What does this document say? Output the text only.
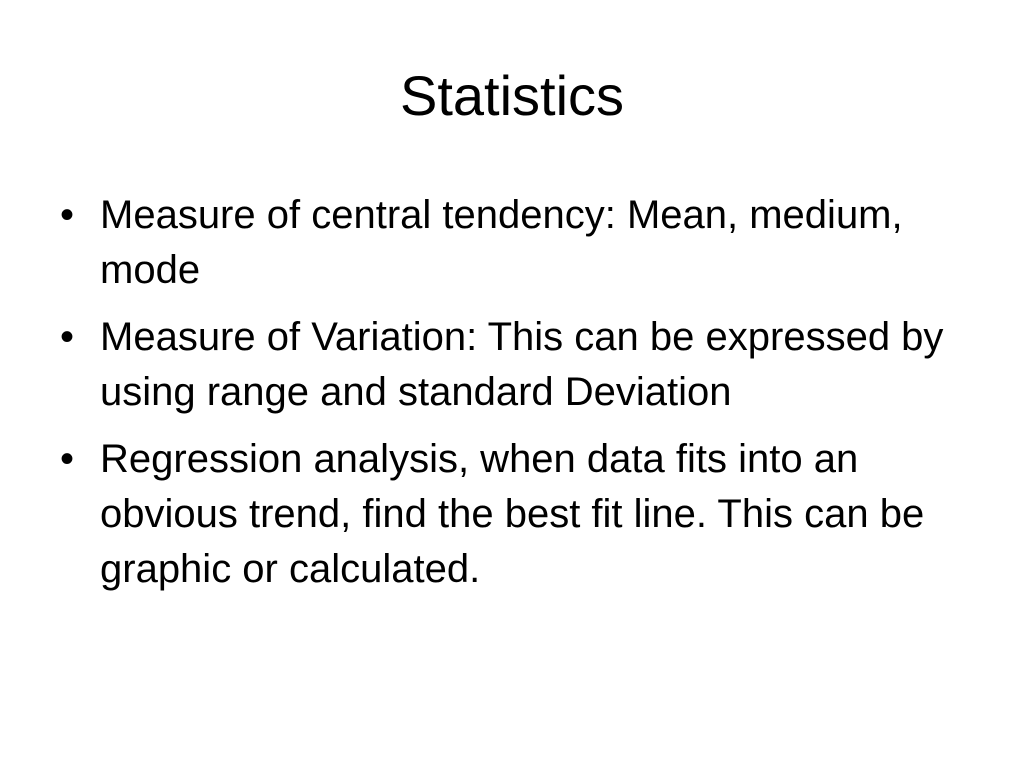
Statistics
• Measure of central tendency: Mean, medium, mode
• Measure of Variation: This can be expressed by using range and standard Deviation
• Regression analysis, when data fits into an obvious trend, find the best fit line. This can be graphic or calculated.
